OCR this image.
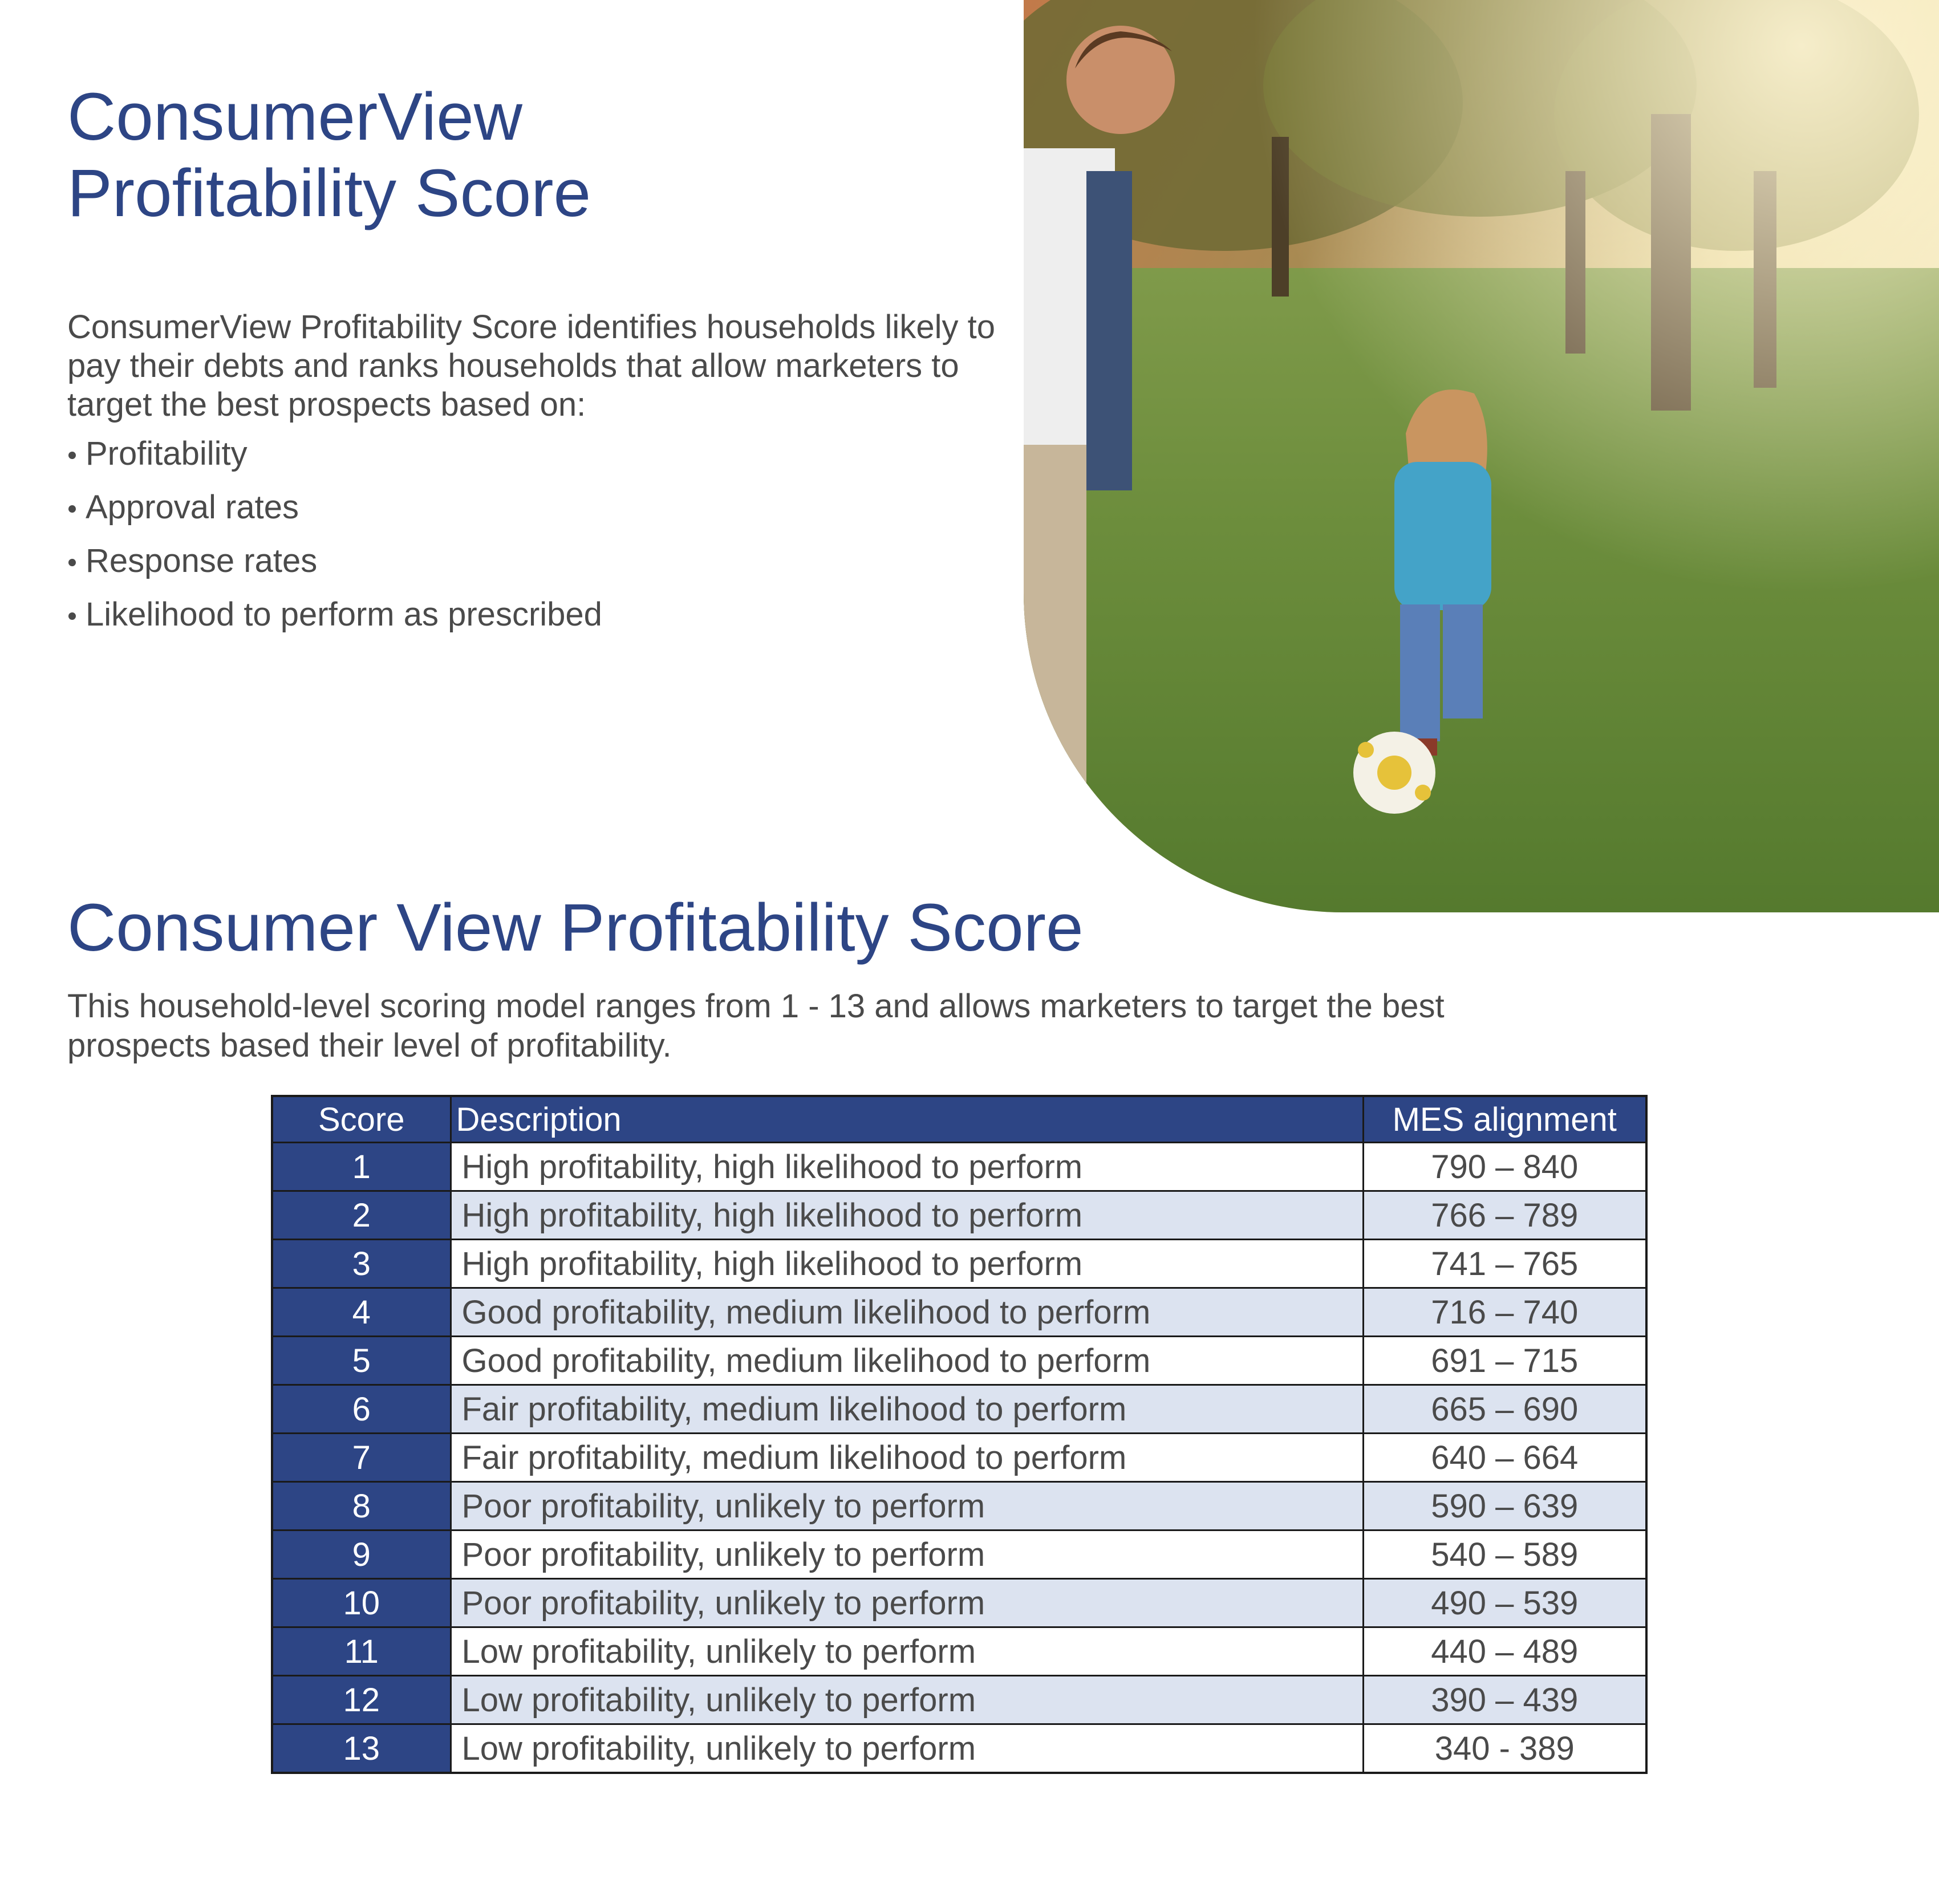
ConsumerView
Profitability Score

ConsumerView Profitability Score identifies households likely to pay their debts and ranks households that allow marketers to target the best prospects based on:

Profitability
Approval rates
Response rates
Likelihood to perform as prescribed
Consumer View Profitability Score

This household-level scoring model ranges from 1 - 13 and allows marketers to target the best prospects based their level of profitability.

Score	Description	MES alignment
1	High profitability, high likelihood to perform	790 – 840
2	High profitability, high likelihood to perform	766 – 789
3	High profitability, high likelihood to perform	741 – 765
4	Good profitability, medium likelihood to perform	716 – 740
5	Good profitability, medium likelihood to perform	691 – 715
6	Fair profitability, medium likelihood to perform	665 – 690
7	Fair profitability, medium likelihood to perform	640 – 664
8	Poor profitability, unlikely to perform	590 – 639
9	Poor profitability, unlikely to perform	540 – 589
10	Poor profitability, unlikely to perform	490 – 539
11	Low profitability, unlikely to perform	440 – 489
12	Low profitability, unlikely to perform	390 – 439
13	Low profitability, unlikely to perform	340 - 389
